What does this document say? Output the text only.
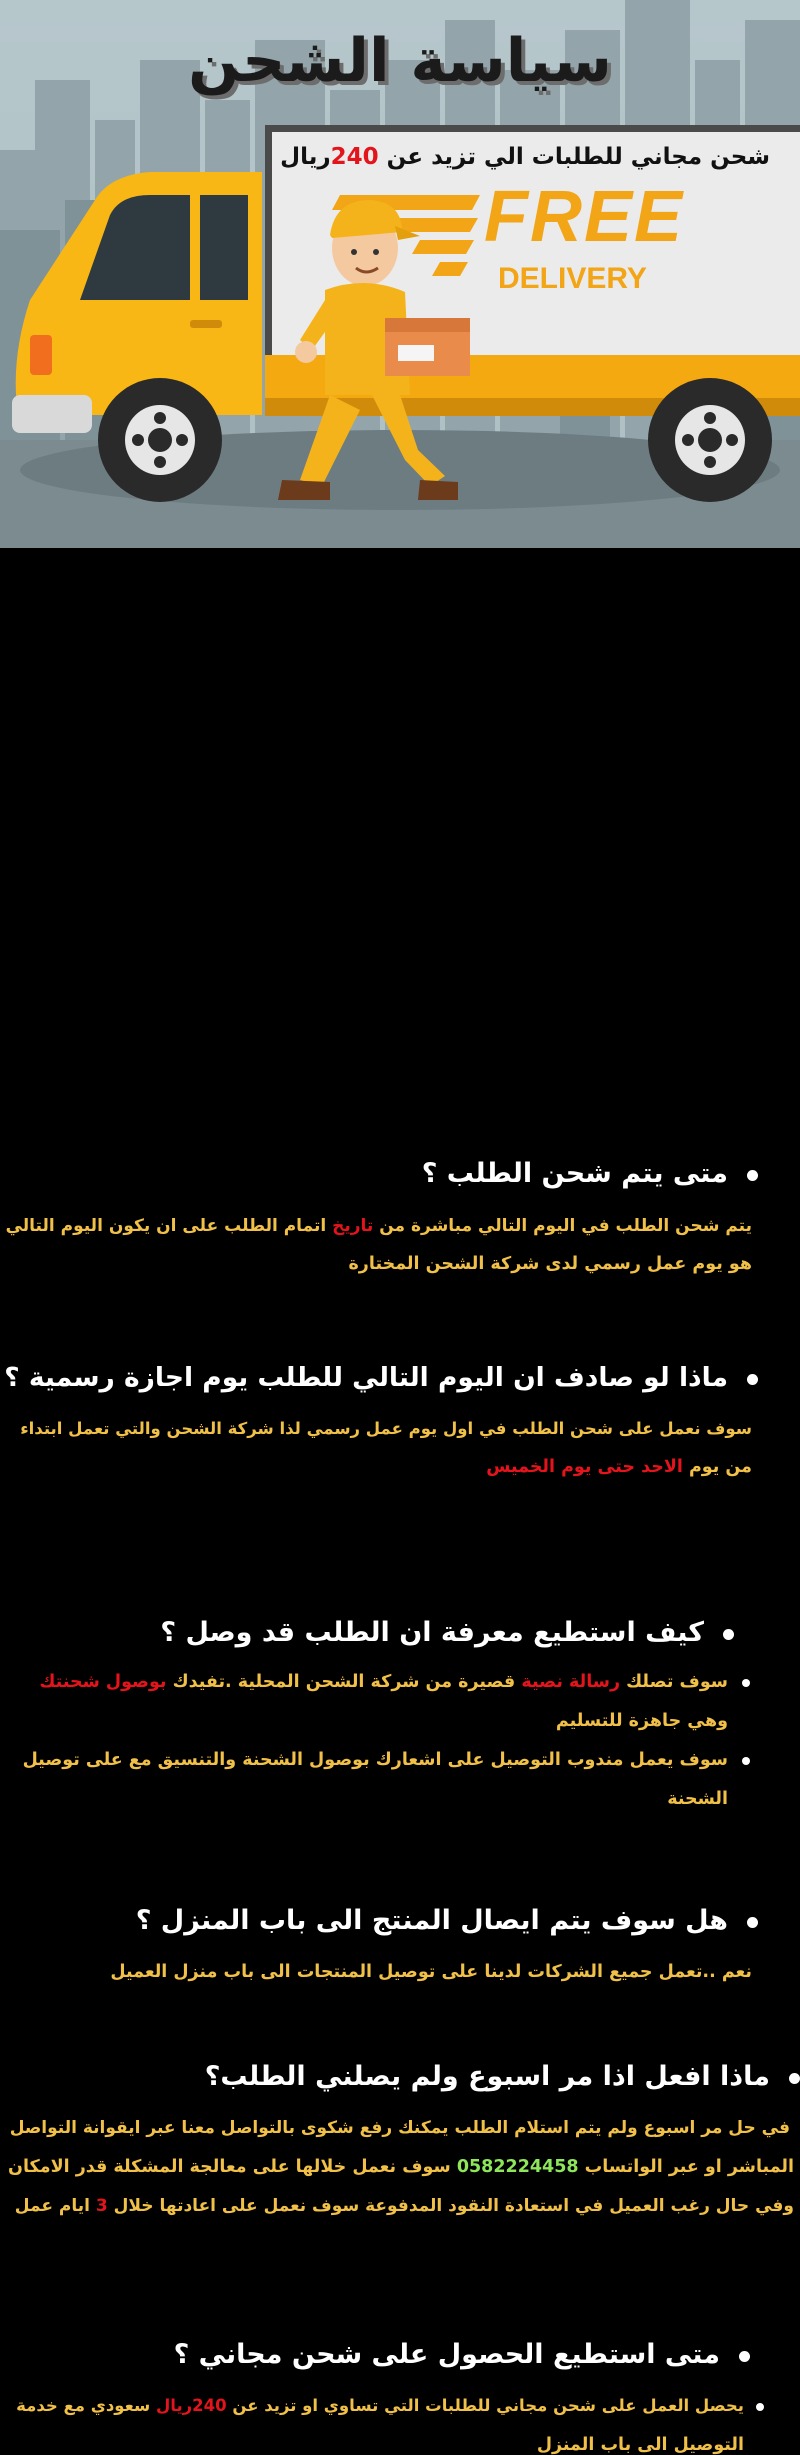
سياسة الشحن
شحن مجاني للطلبات الي تزيد عن 240ريال
FREE
DELIVERY
متى يتم شحن الطلب ؟
يتم شحن الطلب في اليوم التالي مباشرة من تاريخ اتمام الطلب على ان يكون اليوم التالي
هو يوم عمل رسمي لدى شركة الشحن المختارة
ماذا لو صادف ان اليوم التالي للطلب يوم اجازة رسمية ؟
سوف نعمل على شحن الطلب في اول يوم عمل رسمي لذا شركة الشحن والتي تعمل ابتداء
من يوم الاحد حتى يوم الخميس
كيف استطيع معرفة ان الطلب قد وصل ؟
سوف تصلك رسالة نصية قصيرة من شركة الشحن المحلية .تفيدك بوصول شحنتك
وهي جاهزة للتسليم
سوف يعمل مندوب التوصيل على اشعارك بوصول الشحنة والتنسيق مع على توصيل
الشحنة
هل سوف يتم ايصال المنتج الى باب المنزل ؟
نعم ..تعمل جميع الشركات لدينا على توصيل المنتجات الى باب منزل العميل
ماذا افعل اذا مر اسبوع ولم يصلني الطلب؟
في حل مر اسبوع ولم يتم استلام الطلب يمكنك رفع شكوى بالتواصل معنا عبر ايقوانة التواصل
المباشر او عبر الواتساب 0582224458 سوف نعمل خلالها على معالجة المشكلة قدر الامكان
وفي حال رغب العميل في استعادة النقود المدفوعة سوف نعمل على اعادتها خلال 3 ايام عمل
متى استطيع الحصول على شحن مجاني ؟
يحصل العمل على شحن مجاني للطلبات التي تساوي او تزيد عن 240ريال سعودي مع خدمة
التوصيل الى باب المنزل
